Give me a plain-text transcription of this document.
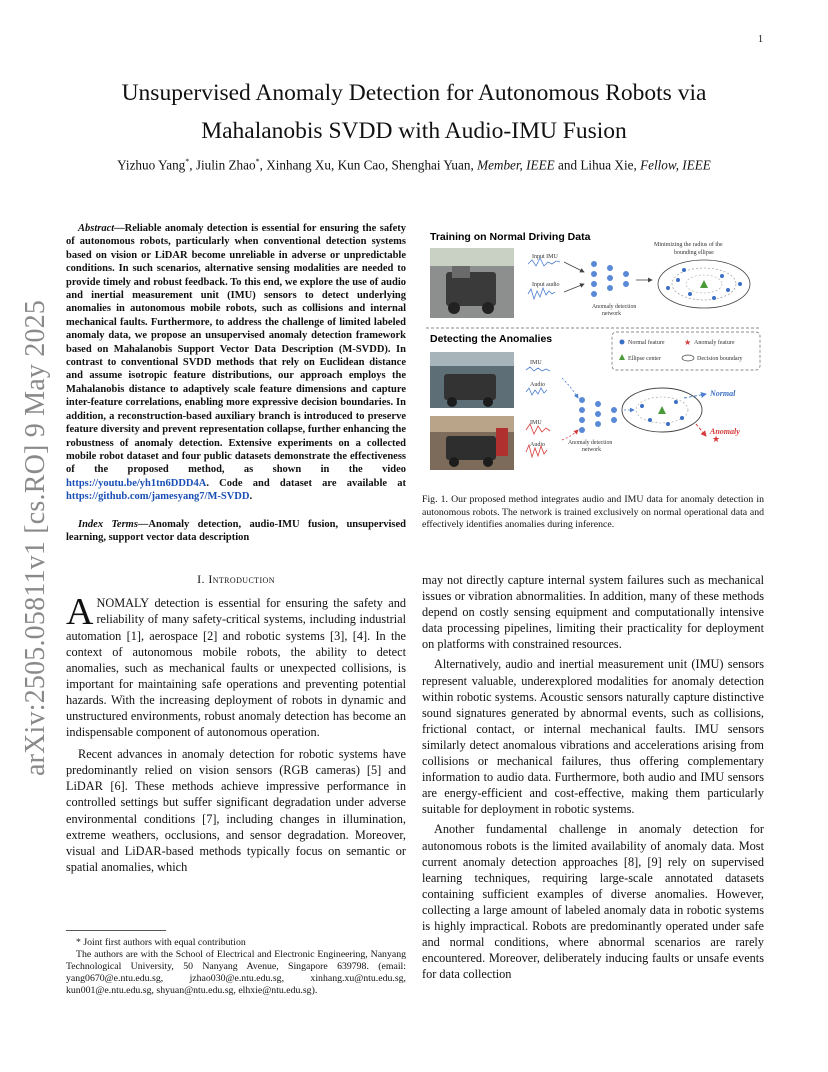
1
arXiv:2505.05811v1 [cs.RO] 9 May 2025
Unsupervised Anomaly Detection for Autonomous Robots via Mahalanobis SVDD with Audio-IMU Fusion
Yizhuo Yang*, Jiulin Zhao*, Xinhang Xu, Kun Cao, Shenghai Yuan, Member, IEEE and Lihua Xie, Fellow, IEEE

Abstract—Reliable anomaly detection is essential for ensuring the safety of autonomous robots, particularly when conventional detection systems based on vision or LiDAR become unreliable in adverse or unpredictable conditions. In such scenarios, alternative sensing modalities are needed to provide timely and robust feedback. To this end, we explore the use of audio and inertial measurement unit (IMU) sensors to detect underlying anomalies in autonomous mobile robots, such as collisions and internal mechanical faults. Furthermore, to address the challenge of limited labeled anomaly data, we propose an unsupervised anomaly detection framework based on Mahalanobis Support Vector Data Description (M-SVDD). In contrast to conventional SVDD methods that rely on Euclidean distance and assume isotropic feature distributions, our approach employs the Mahalanobis distance to adaptively scale feature dimensions and capture inter-feature correlations, enabling more expressive decision boundaries. In addition, a reconstruction-based auxiliary branch is introduced to preserve feature diversity and prevent representation collapse, further enhancing the robustness of anomaly detection. Extensive experiments on a collected mobile robot dataset and four public datasets demonstrate the effectiveness of the proposed method, as shown in the video https://youtu.be/yh1tn6DDD4A. Code and dataset are available at https://github.com/jamesyang7/M-SVDD.

Index Terms—Anomaly detection, audio-IMU fusion, unsupervised learning, support vector data description

I. Introduction

ANOMALY detection is essential for ensuring the safety and reliability of many safety-critical systems, including industrial automation [1], aerospace [2] and robotic systems [3], [4]. In the context of autonomous mobile robots, the ability to detect anomalies, such as mechanical faults or unexpected collisions, is important for maintaining safe operations and preventing potential hazards. With the increasing deployment of robots in dynamic and unstructured environments, robust anomaly detection has become an indispensable component of autonomous operation.

Recent advances in anomaly detection for robotic systems have predominantly relied on vision sensors (RGB cameras) [5] and LiDAR [6]. These methods achieve impressive performance in controlled settings but suffer significant degradation under adverse environmental conditions [7], including changes in illumination, extreme weathers, occlusions, and sensor degradation. Moreover, visual and LiDAR-based methods typically focus on semantic or spatial anomalies, which

* Joint first authors with equal contribution

The authors are with the School of Electrical and Electronic Engineering, Nanyang Technological University, 50 Nanyang Avenue, Singapore 639798. (email: yang0670@e.ntu.edu.sg, jzhao030@e.ntu.edu.sg, xinhang.xu@ntu.edu.sg, kun001@e.ntu.edu.sg, shyuan@ntu.edu.sg, elhxie@ntu.edu.sg).

Training on Normal Driving Data
Input IMU
Input audio
Anomaly detection
network
Minimizing the radius of the
bounding ellipse
Detecting the Anomalies	Normal feature ★ Anomaly feature
Ellipse center	Decision boundary
IMU
Audio
IMU
Audio	Anomaly detection
network
★
Normal
Anomaly

Fig. 1. Our proposed method integrates audio and IMU data for anomaly detection in autonomous robots. The network is trained exclusively on normal operational data and effectively identifies anomalies during inference.

may not directly capture internal system failures such as mechanical issues or vibration abnormalities. In addition, many of these methods depend on costly sensing equipment and computationally intensive data processing pipelines, limiting their practicality for deployment on platforms with constrained resources.

Alternatively, audio and inertial measurement unit (IMU) sensors represent valuable, underexplored modalities for anomaly detection within robotic systems. Acoustic sensors naturally capture distinctive sound signatures generated by abnormal events, such as collisions, frictional contact, or internal mechanical faults. IMU sensors similarly detect anomalous vibrations and accelerations arising from collisions or mechanical failures, thus offering complementary information to audio data. Furthermore, both audio and IMU sensors are energy-efficient and cost-effective, making them particularly suitable for deployment in robotic systems.

Another fundamental challenge in anomaly detection for autonomous robots is the limited availability of anomaly data. Most current anomaly detection approaches [8], [9] rely on supervised learning techniques, requiring large-scale annotated datasets containing sufficient examples of diverse anomalies. However, collecting a large amount of labeled anomaly data in robotic systems is highly impractical. Robots are predominantly operated under safe and normal conditions, where abnormal scenarios are rarely encountered. Moreover, deliberately inducing faults or unsafe events for data collection
